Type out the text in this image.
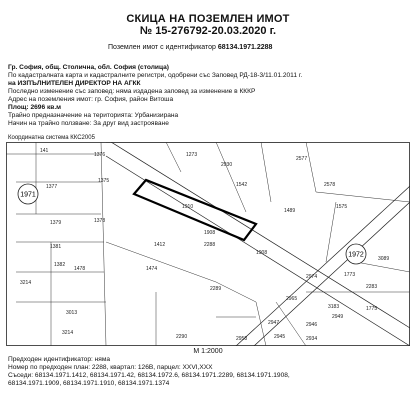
СКИЦА НА ПОЗЕМЛЕН ИМОТ
№ 15-276792-20.03.2020 г.
Поземлен имот с идентификатор 68134.1971.2288
Гр. София, общ. Столична, обл. София (столица)
По кадастралната карта и кадастралните регистри, одобрени със Заповед РД-18-3/11.01.2011 г.
на ИЗПЪЛНИТЕЛЕН ДИРЕКТОР НА АГКК
Последно изменение със заповед: няма издадена заповед за изменение в КККР
Адрес на поземления имот: гр. София, район Витоша
Площ: 2696 кв.м
Трайно предназначение на територията: Урбанизирана
Начин на трайно ползване: За друг вид застрояване
Координатна система ККС2005
1971
1972
141
1376	1273
2930
2577
1377
1375
1910
1542	2578
1379
1489
1575
1378
1908
1908
3089
1381	1412	2288
1773
2283
1382
2289
1474
2974
1478
3214
2965
3183
2949
3013
2947	2946
2945
2290
1775
3214
2934
2958
М 1:2000
Предходен идентификатор: няма
Номер по предходен план: 2288, квартал: 126В, парцел: XXVI,XXX
Съседи: 68134.1971.1412, 68134.1971.42, 68134.1972.6, 68134.1971.2289, 68134.1971.1908,
68134.1971.1909, 68134.1971.1910, 68134.1971.1374
